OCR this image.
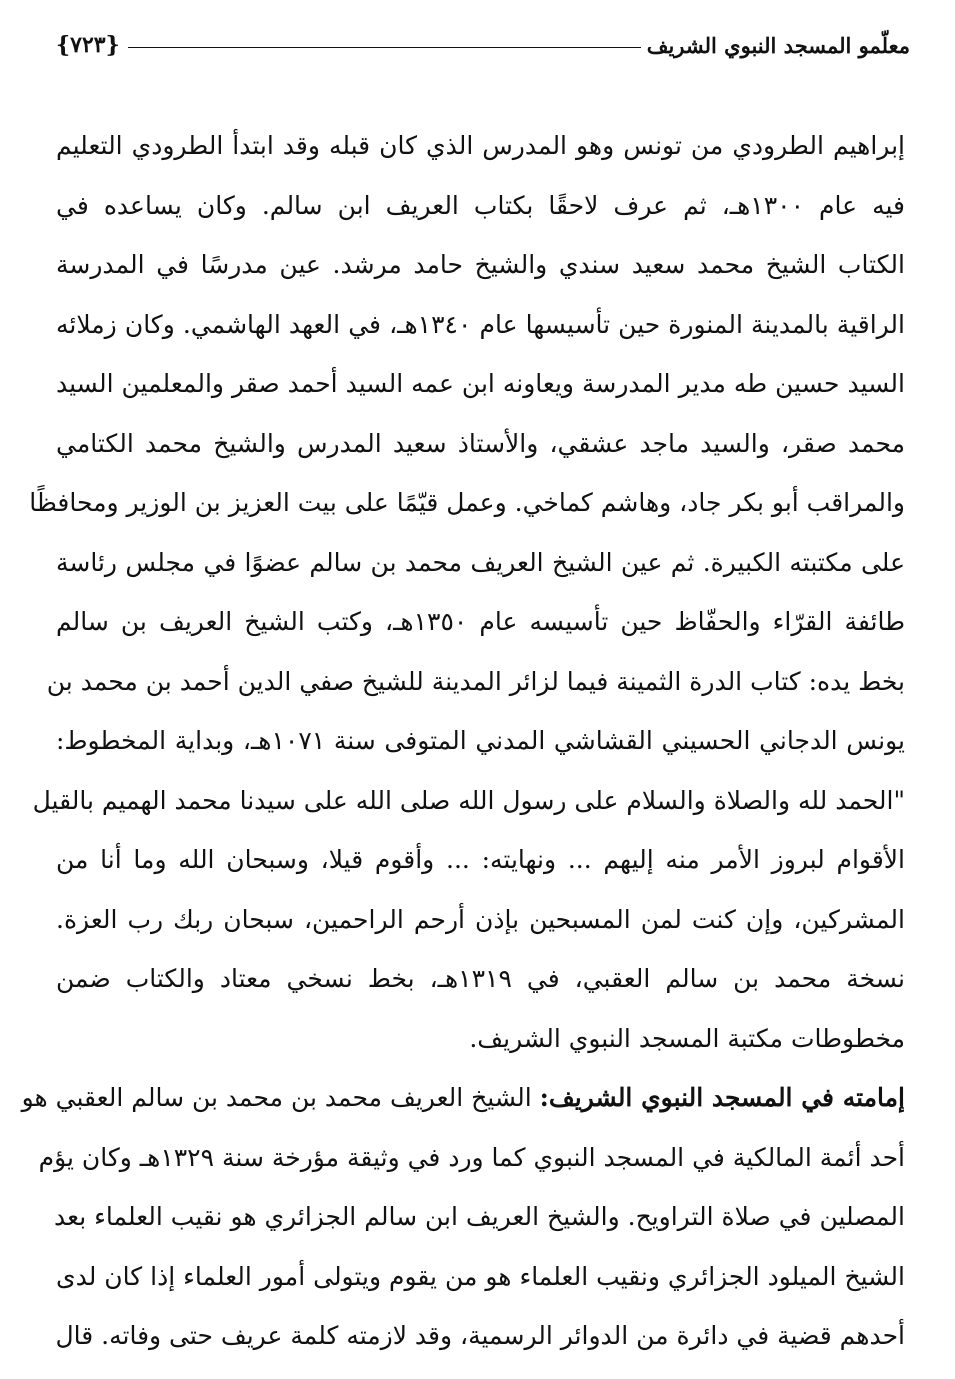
معلّمو المسجد النبوي الشريف
{٧٢٣}
إبراهيم الطرودي من تونس وهو المدرس الذي كان قبله وقد ابتدأ الطرودي التعليم
فيه عام ١٣٠٠هـ، ثم عرف لاحقًا بكتاب العريف ابن سالم. وكان يساعده في
الكتاب الشيخ محمد سعيد سندي والشيخ حامد مرشد. عين مدرسًا في المدرسة
الراقية بالمدينة المنورة حين تأسيسها عام ١٣٤٠هـ، في العهد الهاشمي. وكان زملائه
السيد حسين طه مدير المدرسة ويعاونه ابن عمه السيد أحمد صقر والمعلمين السيد
محمد صقر، والسيد ماجد عشقي، والأستاذ سعيد المدرس والشيخ محمد الكتامي
والمراقب أبو بكر جاد، وهاشم كماخي. وعمل قيّمًا على بيت العزيز بن الوزير ومحافظًا
على مكتبته الكبيرة. ثم عين الشيخ العريف محمد بن سالم عضوًا في مجلس رئاسة
طائفة القرّاء والحفّاظ حين تأسيسه عام ١٣٥٠هـ، وكتب الشيخ العريف بن سالم
بخط يده: كتاب الدرة الثمينة فيما لزائر المدينة للشيخ صفي الدين أحمد بن محمد بن
يونس الدجاني الحسيني القشاشي المدني المتوفى سنة ١٠٧١هـ، وبداية المخطوط:
"الحمد لله والصلاة والسلام على رسول الله صلى الله على سيدنا محمد الهميم بالقيل
الأقوام لبروز الأمر منه إليهم ... ونهايته: ... وأقوم قيلا، وسبحان الله وما أنا من
المشركين، وإن كنت لمن المسبحين بإذن أرحم الراحمين، سبحان ربك رب العزة.
نسخة محمد بن سالم العقبي، في ١٣١٩هـ، بخط نسخي معتاد والكتاب ضمن
مخطوطات مكتبة المسجد النبوي الشريف.
إمامته في المسجد النبوي الشريف: الشيخ العريف محمد بن محمد بن سالم العقبي هو
أحد أئمة المالكية في المسجد النبوي كما ورد في وثيقة مؤرخة سنة ١٣٢٩هـ وكان يؤم
المصلين في صلاة التراويح. والشيخ العريف ابن سالم الجزائري هو نقيب العلماء بعد
الشيخ الميلود الجزائري ونقيب العلماء هو من يقوم ويتولى أمور العلماء إذا كان لدى
أحدهم قضية في دائرة من الدوائر الرسمية، وقد لازمته كلمة عريف حتى وفاته. قال
